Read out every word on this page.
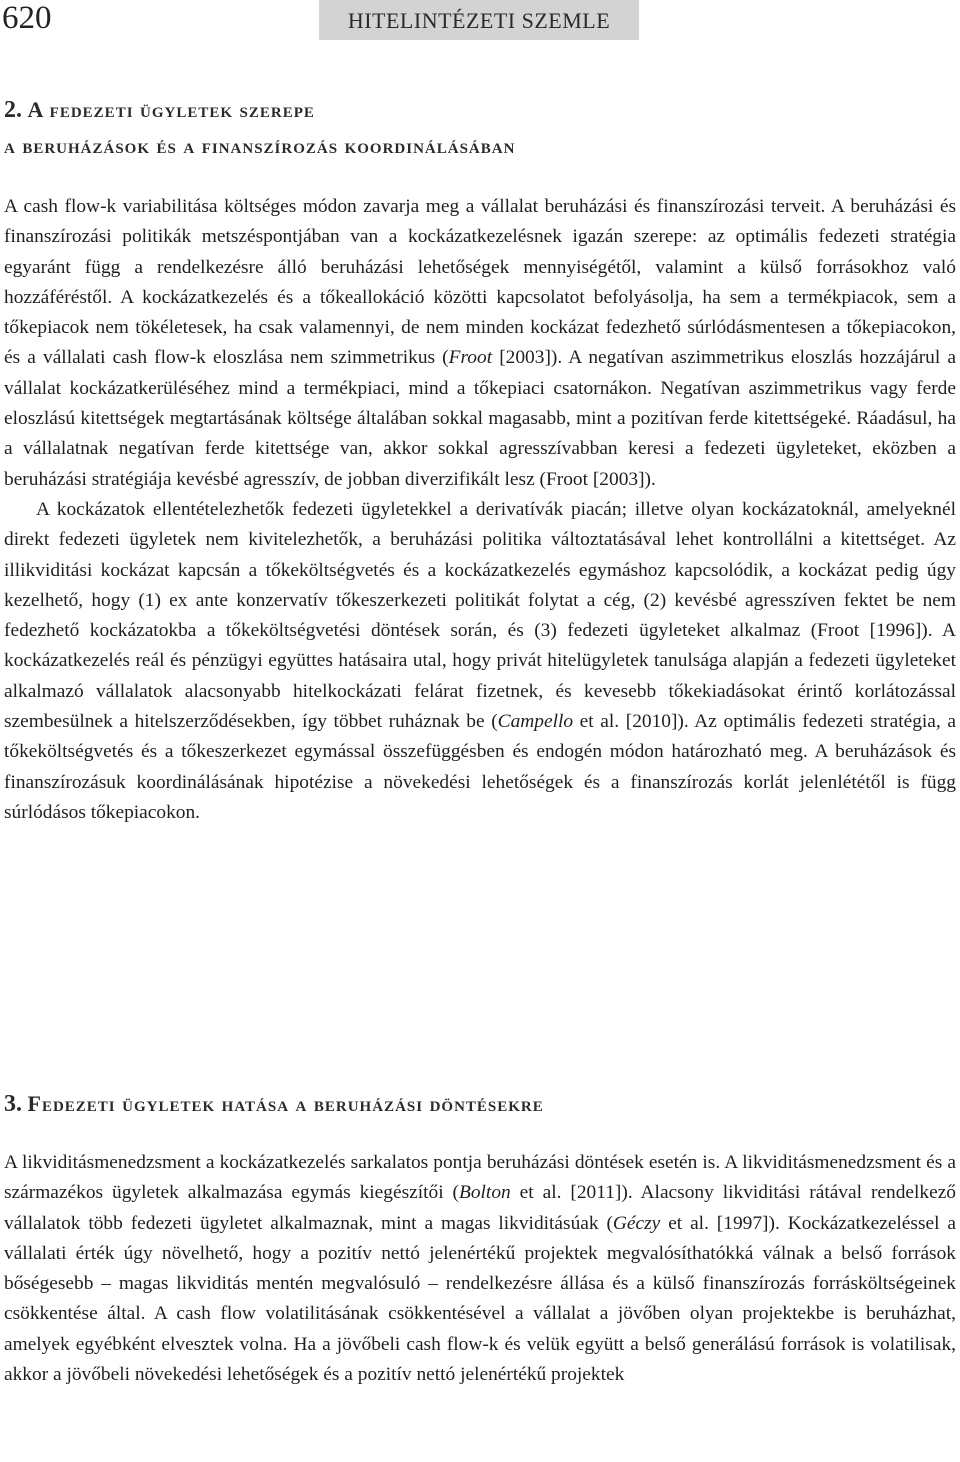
620	HITELINTÉZETI SZEMLE
2. A fedezeti ügyletek szerepe
a beruházások és a finanszírozás koordinálásában

A cash flow-k variabilitása költséges módon zavarja meg a vállalat beruházási és finanszírozási terveit. A beruházási és finanszírozási politikák metszéspontjában van a kockázatkezelésnek igazán szerepe: az optimális fedezeti stratégia egyaránt függ a rendelkezésre álló beruházási lehetőségek mennyiségétől, valamint a külső forrásokhoz való hozzáféréstől. A kockázatkezelés és a tőkeallokáció közötti kapcsolatot befolyásolja, ha sem a termékpiacok, sem a tőkepiacok nem tökéletesek, ha csak valamennyi, de nem minden kockázat fedezhető súrlódásmentesen a tőkepiacokon, és a vállalati cash flow-k eloszlása nem szimmetrikus (Froot [2003]). A negatívan aszimmetrikus eloszlás hozzájárul a vállalat kockázatkerüléséhez mind a termékpiaci, mind a tőkepiaci csatornákon. Negatívan aszimmetrikus vagy ferde eloszlású kitettségek megtartásának költsége általában sokkal magasabb, mint a pozitívan ferde kitettségeké. Ráadásul, ha a vállalatnak negatívan ferde kitettsége van, akkor sokkal agresszívabban keresi a fedezeti ügyleteket, eközben a beruházási stratégiája kevésbé agresszív, de jobban diverzifikált lesz (Froot [2003]).

A kockázatok ellentételezhetők fedezeti ügyletekkel a derivatívák piacán; illetve olyan kockázatoknál, amelyeknél direkt fedezeti ügyletek nem kivitelezhetők, a beruházási politika változtatásával lehet kontrollálni a kitettséget. Az illikviditási kockázat kapcsán a tőkeköltségvetés és a kockázatkezelés egymáshoz kapcsolódik, a kockázat pedig úgy kezelhető, hogy (1) ex ante konzervatív tőkeszerkezeti politikát folytat a cég, (2) kevésbé agresszíven fektet be nem fedezhető kockázatokba a tőkeköltségvetési döntések során, és (3) fedezeti ügyleteket alkalmaz (Froot [1996]). A kockázatkezelés reál és pénzügyi együttes hatásaira utal, hogy privát hitelügyletek tanulsága alapján a fedezeti ügyleteket alkalmazó vállalatok alacsonyabb hitelkockázati felárat fizetnek, és kevesebb tőkekiadásokat érintő korlátozással szembesülnek a hitelszerződésekben, így többet ruháznak be (Campello et al. [2010]). Az optimális fedezeti stratégia, a tőkeköltségvetés és a tőkeszerkezet egymással összefüggésben és endogén módon határozható meg. A beruházások és finanszírozásuk koordinálásának hipotézise a növekedési lehetőségek és a finanszírozás korlát jelenlététől is függ súrlódásos tőkepiacokon.

3. Fedezeti ügyletek hatása a beruházási döntésekre

A likviditásmenedzsment a kockázatkezelés sarkalatos pontja beruházási döntések esetén is. A likviditásmenedzsment és a származékos ügyletek alkalmazása egymás kiegészítői (Bolton et al. [2011]). Alacsony likviditási rátával rendelkező vállalatok több fedezeti ügyletet alkalmaznak, mint a magas likviditásúak (Géczy et al. [1997]). Kockázatkezeléssel a vállalati érték úgy növelhető, hogy a pozitív nettó jelenértékű projektek megvalósíthatókká válnak a belső források bőségesebb – magas likviditás mentén megvalósuló – rendelkezésre állása és a külső finanszírozás forrásköltségeinek csökkentése által. A cash flow volatilitásának csökkentésével a vállalat a jövőben olyan projektekbe is beruházhat, amelyek egyébként elvesztek volna. Ha a jövőbeli cash flow-k és velük együtt a belső generálású források is volatilisak, akkor a jövőbeli növekedési lehetőségek és a pozitív nettó jelenértékű projektek
